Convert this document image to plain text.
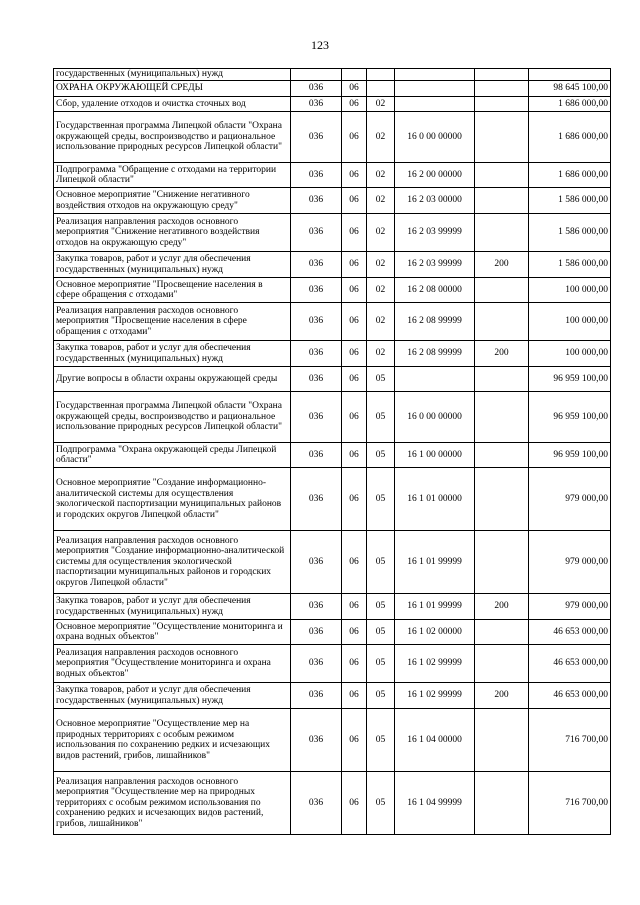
123
государственных (муниципальных) нужд						
ОХРАНА ОКРУЖАЮЩЕЙ СРЕДЫ	036	06				98 645 100,00
Сбор, удаление отходов и очистка сточных вод	036	06	02			1 686 000,00
Государственная программа Липецкой области "Охрана окружающей среды, воспроизводство и рациональное использование природных ресурсов Липецкой области"	036	06	02	16 0 00 00000		1 686 000,00
Подпрограмма "Обращение с отходами на территории Липецкой области"	036	06	02	16 2 00 00000		1 686 000,00
Основное мероприятие "Снижение негативного воздействия отходов на окружающую среду"	036	06	02	16 2 03 00000		1 586 000,00
Реализация направления расходов основного мероприятия "Снижение негативного воздействия отходов на окружающую среду"	036	06	02	16 2 03 99999		1 586 000,00
Закупка товаров, работ и услуг для обеспечения государственных (муниципальных) нужд	036	06	02	16 2 03 99999	200	1 586 000,00
Основное мероприятие "Просвещение населения в сфере обращения с отходами"	036	06	02	16 2 08 00000		100 000,00
Реализация направления расходов основного мероприятия "Просвещение населения в сфере обращения с отходами"	036	06	02	16 2 08 99999		100 000,00
Закупка товаров, работ и услуг для обеспечения государственных (муниципальных) нужд	036	06	02	16 2 08 99999	200	100 000,00
Другие вопросы в области охраны окружающей среды	036	06	05			96 959 100,00
Государственная программа Липецкой области "Охрана окружающей среды, воспроизводство и рациональное использование природных ресурсов Липецкой области"	036	06	05	16 0 00 00000		96 959 100,00
Подпрограмма "Охрана окружающей среды Липецкой области"	036	06	05	16 1 00 00000		96 959 100,00
Основное мероприятие "Создание информационно-аналитической системы для осуществления экологической паспортизации муниципальных районов и городских округов Липецкой области"	036	06	05	16 1 01 00000		979 000,00
Реализация направления расходов основного мероприятия "Создание информационно-аналитической системы для осуществления экологической паспортизации муниципальных районов и городских округов Липецкой области"	036	06	05	16 1 01 99999		979 000,00
Закупка товаров, работ и услуг для обеспечения государственных (муниципальных) нужд	036	06	05	16 1 01 99999	200	979 000,00
Основное мероприятие "Осуществление мониторинга и охрана водных объектов"	036	06	05	16 1 02 00000		46 653 000,00
Реализация направления расходов основного мероприятия "Осуществление мониторинга и охрана водных объектов"	036	06	05	16 1 02 99999		46 653 000,00
Закупка товаров, работ и услуг для обеспечения государственных (муниципальных) нужд	036	06	05	16 1 02 99999	200	46 653 000,00
Основное мероприятие "Осуществление мер на природных территориях с особым режимом использования по сохранению редких и исчезающих видов растений, грибов, лишайников"	036	06	05	16 1 04 00000		716 700,00
Реализация направления расходов основного мероприятия "Осуществление мер на природных территориях с особым режимом использования по сохранению редких и исчезающих видов растений, грибов, лишайников"	036	06	05	16 1 04 99999		716 700,00
